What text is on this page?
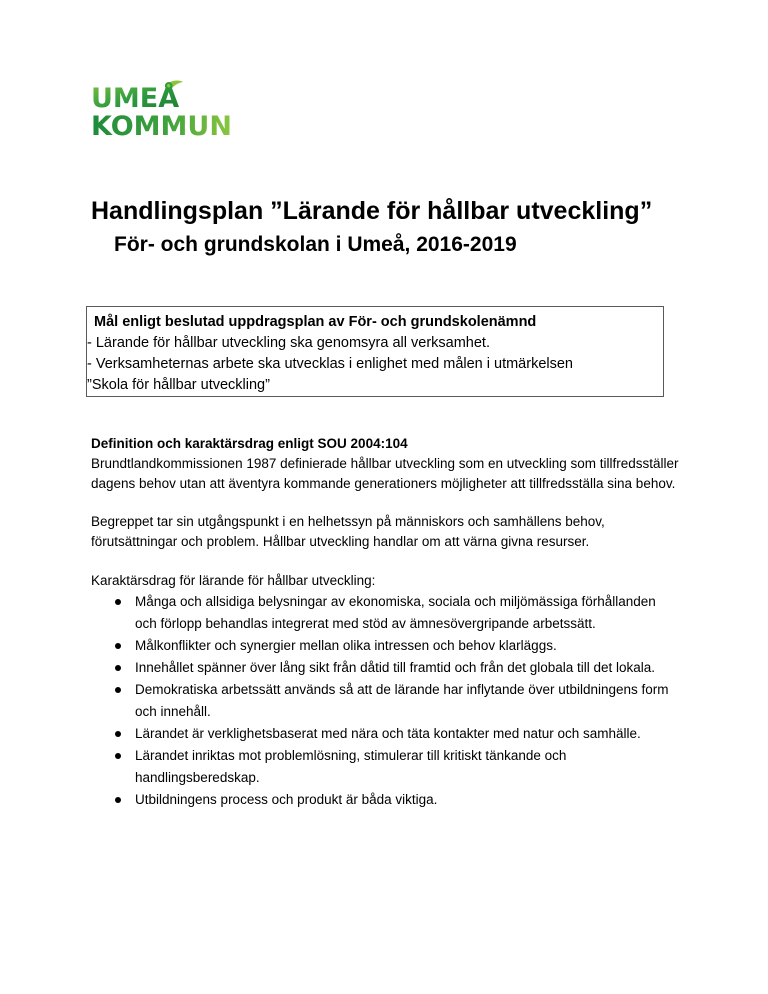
UMEÅ
KOMMUN
Handlingsplan ”Lärande för hållbar utveckling”
För- och grundskolan i Umeå, 2016-2019
Mål enligt beslutad uppdragsplan av För- och grundskolenämnd
- Lärande för hållbar utveckling ska genomsyra all verksamhet.
- Verksamheternas arbete ska utvecklas i enlighet med målen i utmärkelsen
”Skola för hållbar utveckling”

Definition och karaktärsdrag enligt SOU 2004:104

Brundtlandkommissionen 1987 definierade hållbar utveckling som en utveckling som tillfredsställer dagens behov utan att äventyra kommande generationers möjligheter att tillfredsställa sina behov.

Begreppet tar sin utgångspunkt i en helhetssyn på människors och samhällens behov, förutsättningar och problem. Hållbar utveckling handlar om att värna givna resurser.

Karaktärsdrag för lärande för hållbar utveckling:

Många och allsidiga belysningar av ekonomiska, sociala och miljömässiga förhållanden och förlopp behandlas integrerat med stöd av ämnesövergripande arbetssätt.
Målkonflikter och synergier mellan olika intressen och behov klarläggs.
Innehållet spänner över lång sikt från dåtid till framtid och från det globala till det lokala.
Demokratiska arbetssätt används så att de lärande har inflytande över utbildningens form och innehåll.
Lärandet är verklighetsbaserat med nära och täta kontakter med natur och samhälle.
Lärandet inriktas mot problemlösning, stimulerar till kritiskt tänkande och handlingsberedskap.
Utbildningens process och produkt är båda viktiga.
